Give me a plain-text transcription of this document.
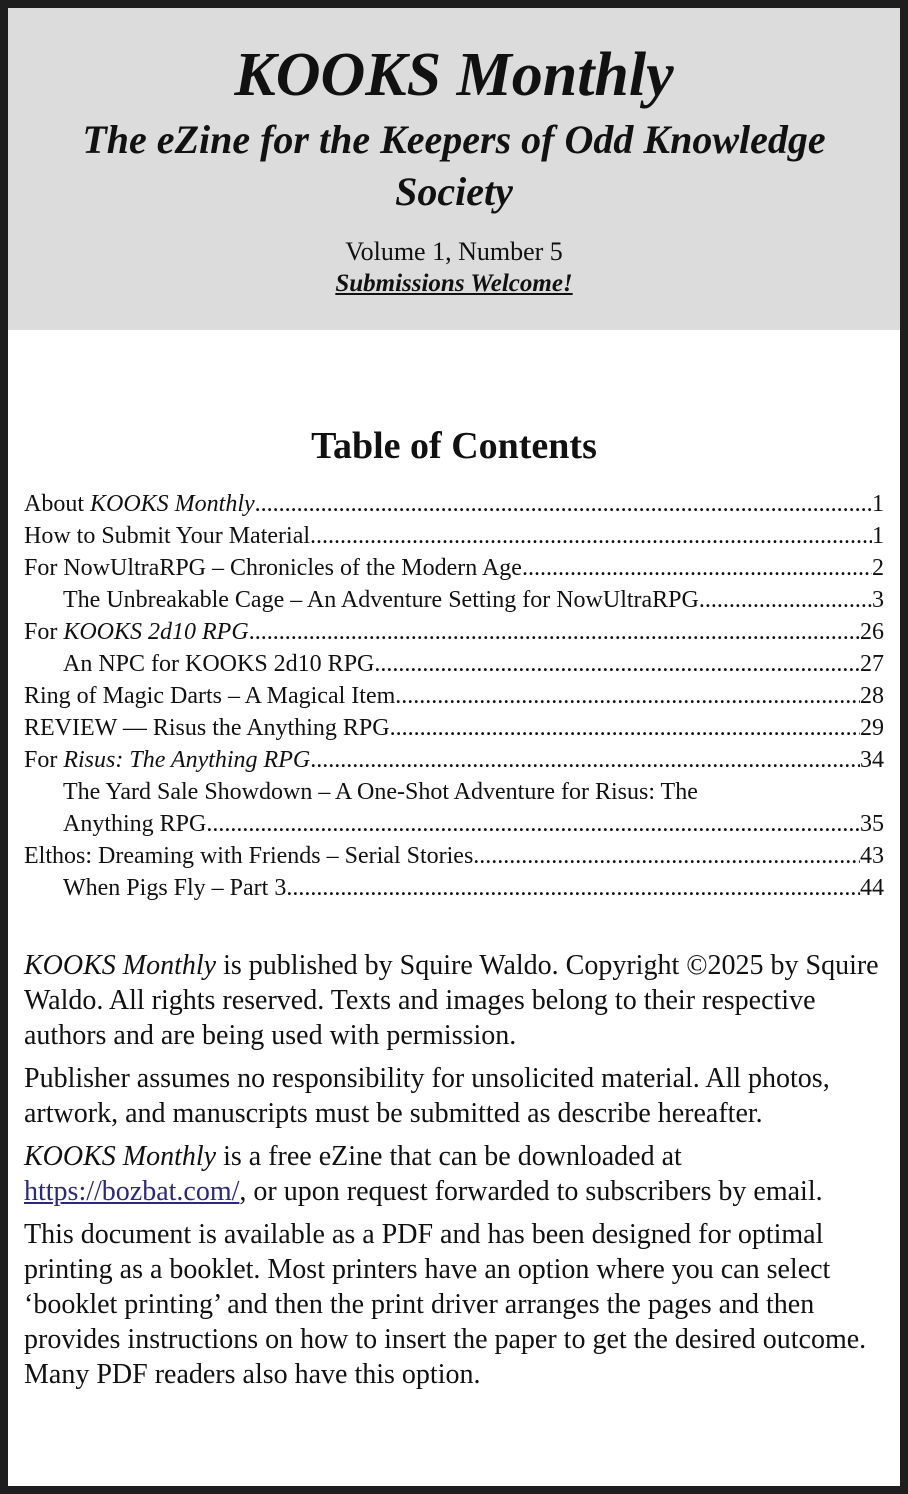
KOOKS Monthly
The eZine for the Keepers of Odd Knowledge Society
Volume 1, Number 5
Submissions Welcome!
Table of Contents
About KOOKS Monthly .....	1
How to Submit Your Material .....	1
For NowUltraRPG – Chronicles of the Modern Age .....	2
The Unbreakable Cage – An Adventure Setting for NowUltraRPG .....	3
For KOOKS 2d10 RPG .....	26
An NPC for KOOKS 2d10 RPG .....	27
Ring of Magic Darts – A Magical Item .....	28
REVIEW — Risus the Anything RPG .....	29
For Risus: The Anything RPG .....	34
The Yard Sale Showdown – A One-Shot Adventure for Risus: The
Anything RPG .....	35
Elthos: Dreaming with Friends – Serial Stories .....	43
When Pigs Fly – Part 3 .....	44

KOOKS Monthly is published by Squire Waldo. Copyright ©2025 by Squire Waldo. All rights reserved. Texts and images belong to their respective authors and are being used with permission.

Publisher assumes no responsibility for unsolicited material. All photos, artwork, and manuscripts must be submitted as describe hereafter.

KOOKS Monthly is a free eZine that can be downloaded at https://bozbat.com/, or upon request forwarded to subscribers by email.

This document is available as a PDF and has been designed for optimal printing as a booklet. Most printers have an option where you can select ‘booklet printing’ and then the print driver arranges the pages and then provides instructions on how to insert the paper to get the desired outcome. Many PDF readers also have this option.
